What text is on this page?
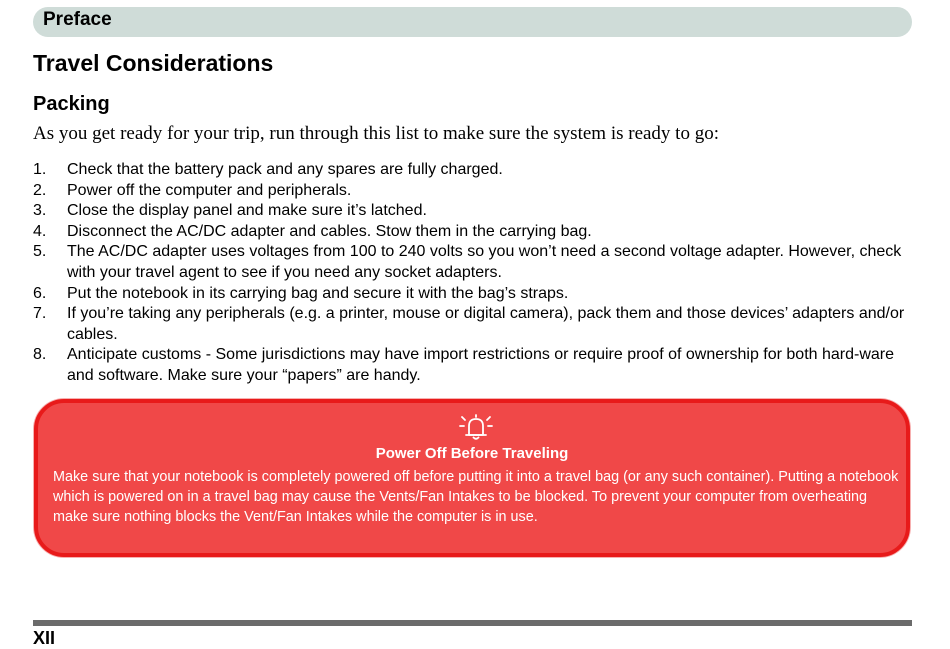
Preface
Travel Considerations
Packing

As you get ready for your trip, run through this list to make sure the system is ready to go:

1. Check that the battery pack and any spares are fully charged.
2. Power off the computer and peripherals.
3. Close the display panel and make sure it’s latched.
4. Disconnect the AC/DC adapter and cables. Stow them in the carrying bag.
5. The AC/DC adapter uses voltages from 100 to 240 volts so you won’t need a second voltage adapter. However, check with your travel agent to see if you need any socket adapters.
6. Put the notebook in its carrying bag and secure it with the bag’s straps.
7. If you’re taking any peripherals (e.g. a printer, mouse or digital camera), pack them and those devices’ adapters and/or cables.
8. Anticipate customs - Some jurisdictions may have import restrictions or require proof of ownership for both hard-ware and software. Make sure your “papers” are handy.
Power Off Before Traveling
Make sure that your notebook is completely powered off before putting it into a travel bag (or any such container). Putting a notebook which is powered on in a travel bag may cause the Vents/Fan Intakes to be blocked. To prevent your computer from overheating make sure nothing blocks the Vent/Fan Intakes while the computer is in use.
XII
